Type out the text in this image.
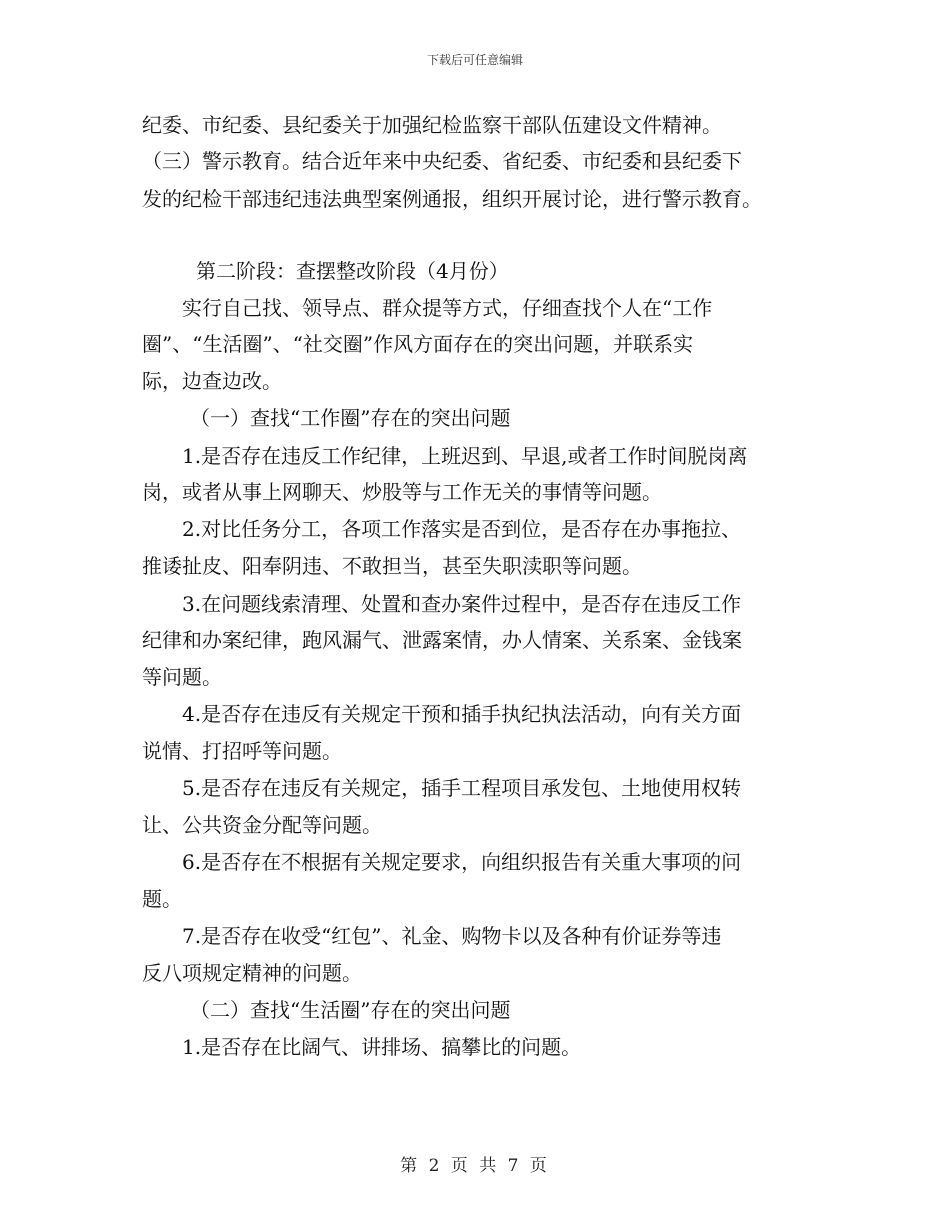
下载后可任意编辑
纪委、市纪委、县纪委关于加强纪检监察干部队伍建设文件精神。
（三）警示教育。结合近年来中央纪委、省纪委、市纪委和县纪委下
发的纪检干部违纪违法典型案例通报，组织开展讨论，进行警示教育。
第二阶段：查摆整改阶段（4月份）
实行自己找、领导点、群众提等方式，仔细查找个人在“工作
圈”、“生活圈”、“社交圈”作风方面存在的突出问题，并联系实
际，边查边改。
（一）查找“工作圈”存在的突出问题
1.是否存在违反工作纪律，上班迟到、早退,或者工作时间脱岗离
岗，或者从事上网聊天、炒股等与工作无关的事情等问题。
2.对比任务分工，各项工作落实是否到位，是否存在办事拖拉、
推诿扯皮、阳奉阴违、不敢担当，甚至失职渎职等问题。
3.在问题线索清理、处置和查办案件过程中，是否存在违反工作
纪律和办案纪律，跑风漏气、泄露案情，办人情案、关系案、金钱案
等问题。
4.是否存在违反有关规定干预和插手执纪执法活动，向有关方面
说情、打招呼等问题。
5.是否存在违反有关规定，插手工程项目承发包、土地使用权转
让、公共资金分配等问题。
6.是否存在不根据有关规定要求，向组织报告有关重大事项的问
题。
7.是否存在收受“红包”、礼金、购物卡以及各种有价证券等违
反八项规定精神的问题。
（二）查找“生活圈”存在的突出问题
1.是否存在比阔气、讲排场、搞攀比的问题。
第 2 页 共 7 页
